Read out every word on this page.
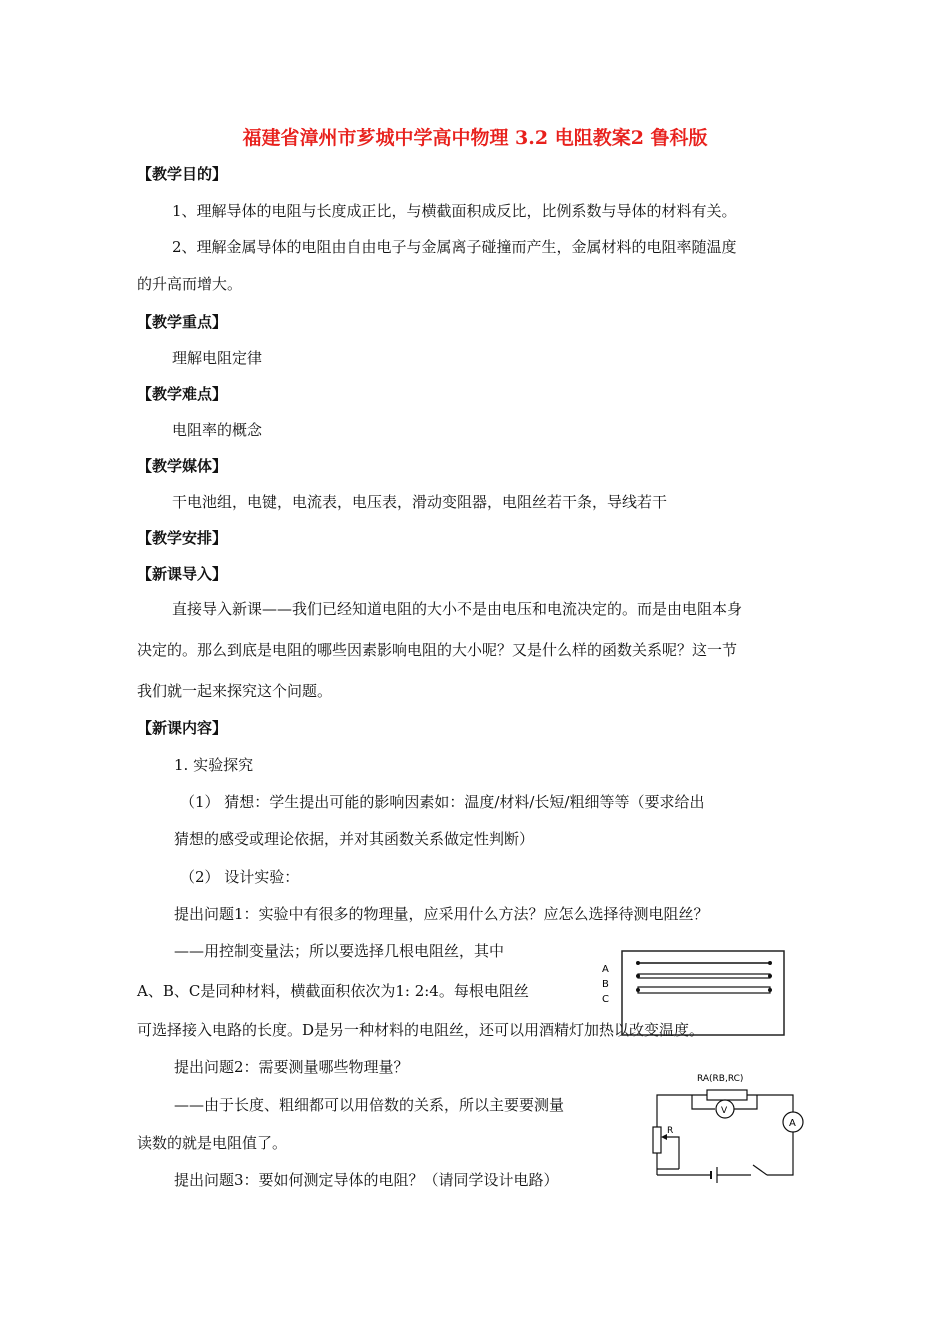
福建省漳州市芗城中学高中物理 3.2 电阻教案2 鲁科版
【教学目的】
1、理解导体的电阻与长度成正比，与横截面积成反比，比例系数与导体的材料有关。
2、理解金属导体的电阻由自由电子与金属离子碰撞而产生，金属材料的电阻率随温度
的升高而增大。
【教学重点】
理解电阻定律
【教学难点】
电阻率的概念
【教学媒体】
干电池组，电键，电流表，电压表，滑动变阻器，电阻丝若干条，导线若干
【教学安排】
【新课导入】
直接导入新课——我们已经知道电阻的大小不是由电压和电流决定的。而是由电阻本身
决定的。那么到底是电阻的哪些因素影响电阻的大小呢？又是什么样的函数关系呢？这一节
我们就一起来探究这个问题。
【新课内容】
1. 实验探究
（1） 猜想：学生提出可能的影响因素如：温度/材料/长短/粗细等等（要求给出
猜想的感受或理论依据，并对其函数关系做定性判断）
（2） 设计实验：
提出问题1：实验中有很多的物理量，应采用什么方法？应怎么选择待测电阻丝？
——用控制变量法；所以要选择几根电阻丝，其中
A、B、C是同种材料，横截面积依次为1: 2:4。每根电阻丝
可选择接入电路的长度。D是另一种材料的电阻丝，还可以用酒精灯加热以改变温度。
提出问题2：需要测量哪些物理量？
——由于长度、粗细都可以用倍数的关系，所以主要要测量
读数的就是电阻值了。
提出问题3：要如何测定导体的电阻？（请同学设计电路）
A
B
C
RA(RB,RC)
A
V
R
